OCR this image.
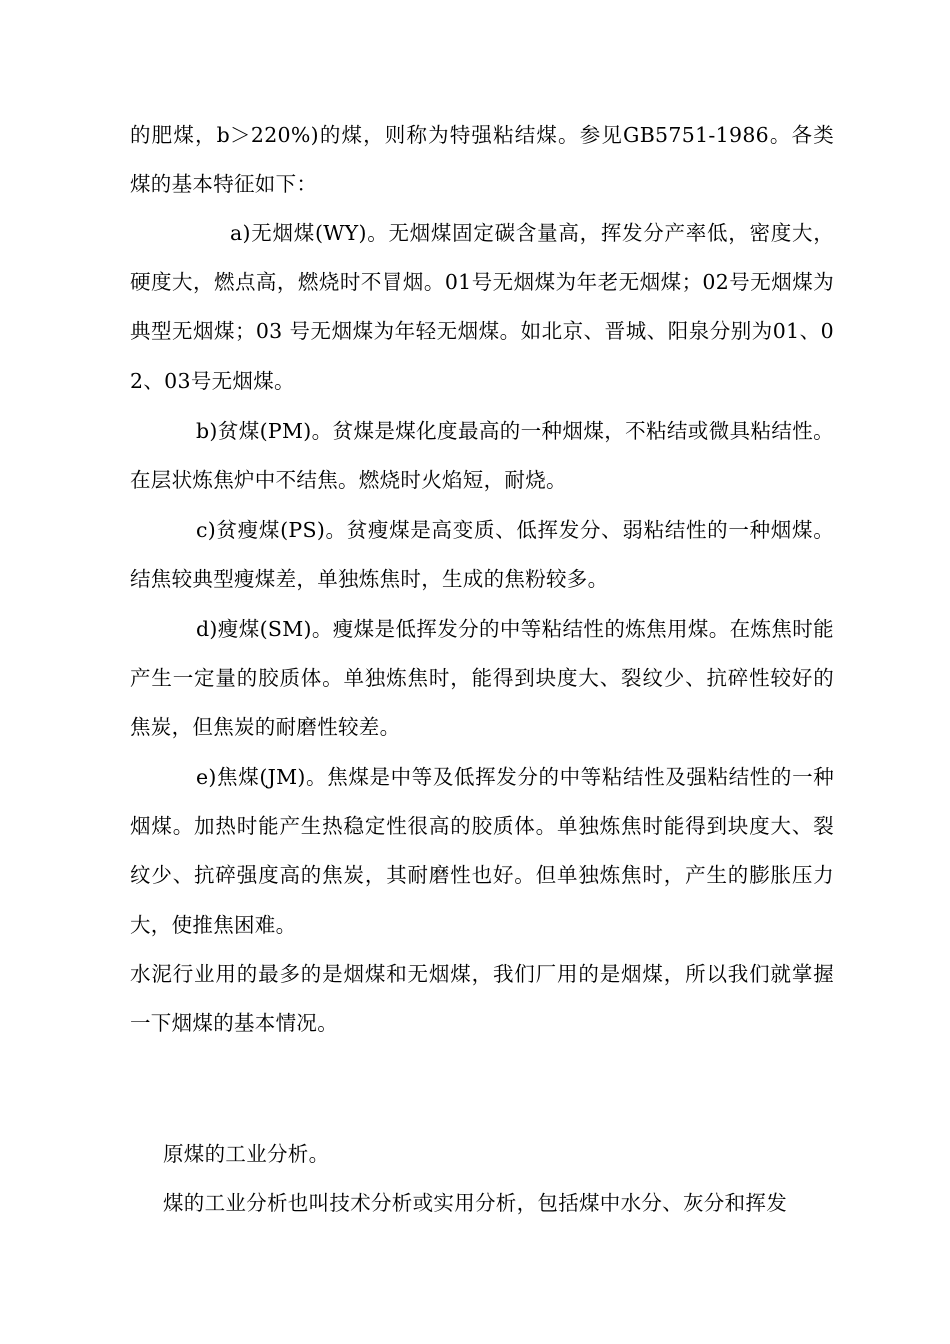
的肥煤，b＞220%)的煤，则称为特强粘结煤。参见GB5751-1986。各类煤的基本特征如下：

a)无烟煤(WY)。无烟煤固定碳含量高，挥发分产率低，密度大，硬度大，燃点高，燃烧时不冒烟。01号无烟煤为年老无烟煤；02号无烟煤为典型无烟煤；03 号无烟煤为年轻无烟煤。如北京、晋城、阳泉分别为01、02、03号无烟煤。

b)贫煤(PM)。贫煤是煤化度最高的一种烟煤，不粘结或微具粘结性。在层状炼焦炉中不结焦。燃烧时火焰短，耐烧。

c)贫瘦煤(PS)。贫瘦煤是高变质、低挥发分、弱粘结性的一种烟煤。结焦较典型瘦煤差，单独炼焦时，生成的焦粉较多。

d)瘦煤(SM)。瘦煤是低挥发分的中等粘结性的炼焦用煤。在炼焦时能产生一定量的胶质体。单独炼焦时，能得到块度大、裂纹少、抗碎性较好的焦炭，但焦炭的耐磨性较差。

e)焦煤(JM)。焦煤是中等及低挥发分的中等粘结性及强粘结性的一种烟煤。加热时能产生热稳定性很高的胶质体。单独炼焦时能得到块度大、裂纹少、抗碎强度高的焦炭，其耐磨性也好。但单独炼焦时，产生的膨胀压力大，使推焦困难。

水泥行业用的最多的是烟煤和无烟煤，我们厂用的是烟煤，所以我们就掌握一下烟煤的基本情况。

原煤的工业分析。

煤的工业分析也叫技术分析或实用分析，包括煤中水分、灰分和挥发
